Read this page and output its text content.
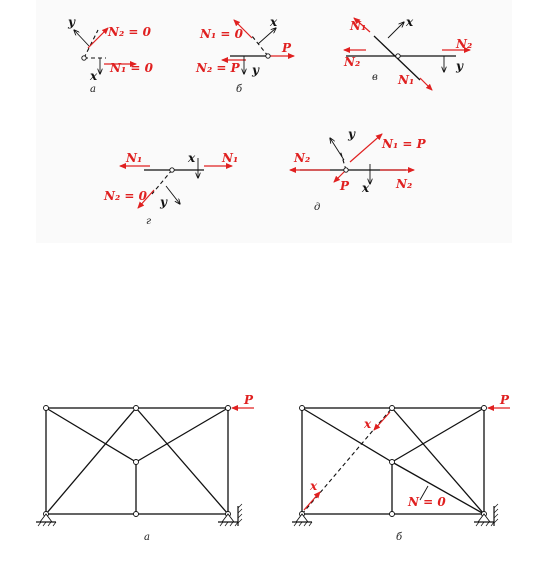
y
N₂ = 0
x
N₁ = 0
а
N₁ = 0
x
P
N₂ = P y
б
N₁	x
N₂
N₂
y
N₁
в
N₁	x N₁
N₂ = 0 y
г
y
N₁ = P
N₂
P x N₂
д
P
а
P
x
x
N = 0
б
